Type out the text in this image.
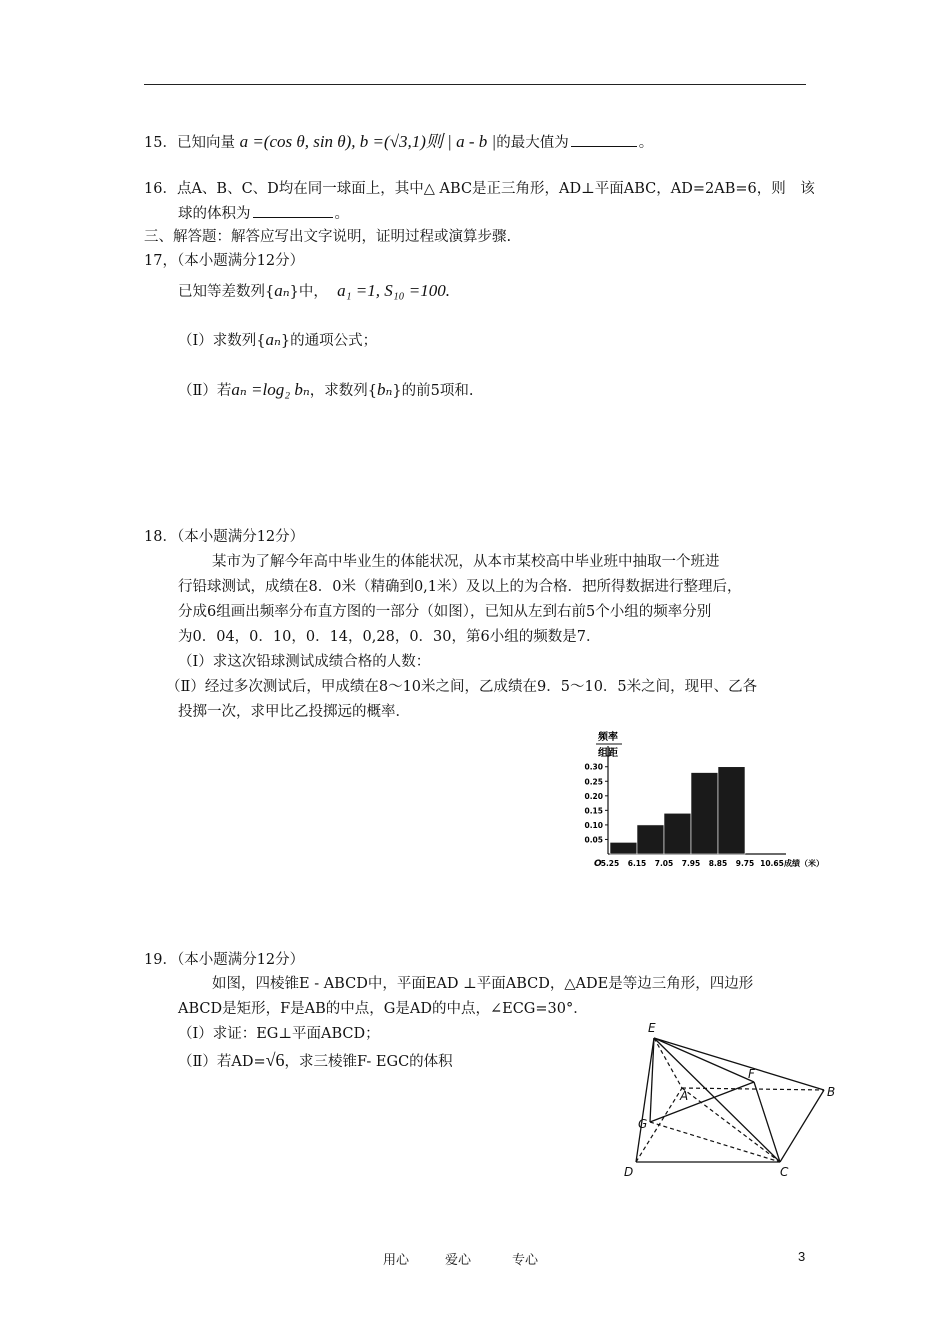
15．已知向量 a =(cos θ, sin θ), b =(√3,1)则 | a - b |的最大值为	。
16．点A、B、C、D均在同一球面上，其中△ ABC是正三角形，AD⊥平面ABC，AD=2AB=6，则　该
球的体积为	。
三、解答题：解答应写出文字说明，证明过程或演算步骤.
17，（本小题满分12分）
已知等差数列{aₙ}中， a₁ =1, S₁₀ =100.
（I）求数列{aₙ}的通项公式；
（Ⅱ）若aₙ =log₂ bₙ，求数列{bₙ}的前5项和.
18．（本小题满分12分）
某市为了解今年高中毕业生的体能状况，从本市某校高中毕业班中抽取一个班进
行铅球测试，成绩在8．0米（精确到0,1米）及以上的为合格．把所得数据进行整理后，
分成6组画出频率分布直方图的一部分（如图），已知从左到右前5个小组的频率分别
为0．04，0．10，0．14，0,28，0．30，第6小组的频数是7．
（I）求这次铅球测试成绩合格的人数：
（Ⅱ）经过多次测试后，甲成绩在8～10米之间，乙成绩在9．5～10．5米之间，现甲、乙各
投掷一次，求甲比乙投掷远的概率．
频率
组距
0.30
0.25
0.20
0.15
0.10
0.05
5.25 6.15 7.05 7.95 8.85 9.75 10.65 成绩（米）
O
19．（本小题满分12分）
如图，四棱锥E - ABCD中，平面EAD ⊥平面ABCD，△ADE是等边三角形，四边形
ABCD是矩形，F是AB的中点，G是AD的中点，∠ECG=30°．
（I）求证：EG⊥平面ABCD；
（Ⅱ）若AD=√6，求三棱锥F- EGC的体积
E
A
F
B
G
D	C
用心	爱心	专心	3
